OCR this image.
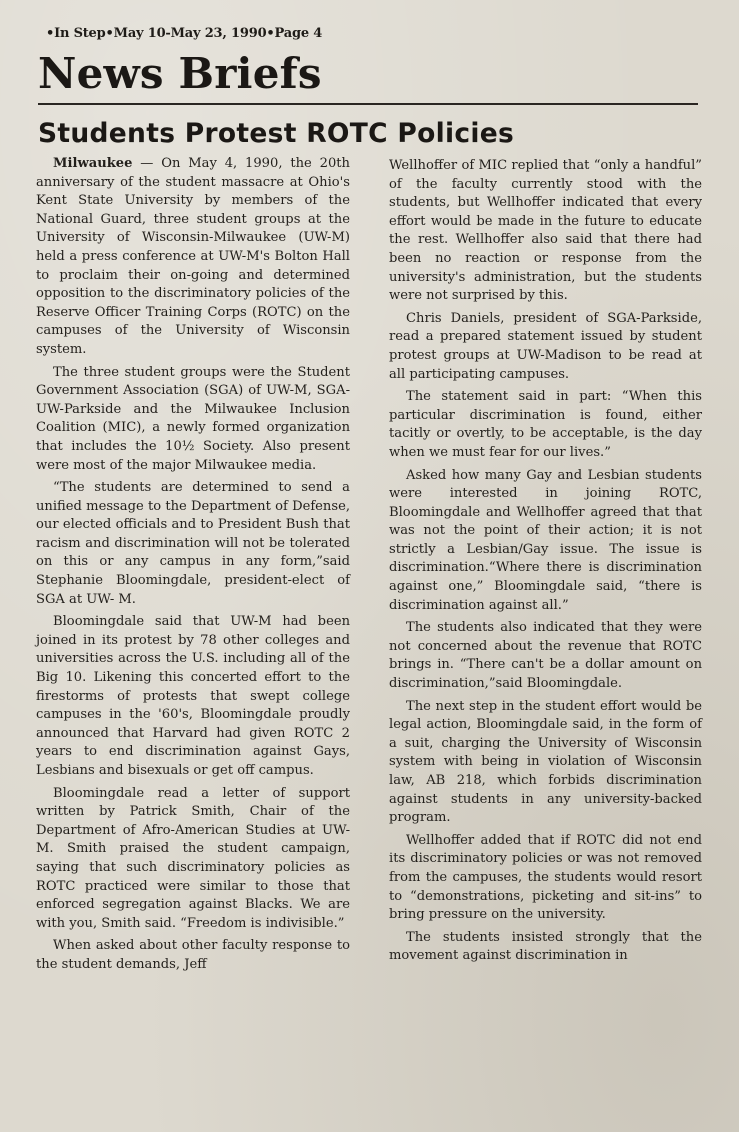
•In Step•May 10-May 23, 1990•Page 4
News Briefs
Students Protest ROTC Policies

Milwaukee — On May 4, 1990, the 20th anniversary of the student massacre at Ohio's Kent State University by members of the National Guard, three student groups at the University of Wisconsin-Milwaukee (UW-M) held a press conference at UW-M's Bolton Hall to proclaim their on-going and determined opposition to the discriminatory policies of the Reserve Officer Training Corps (ROTC) on the campuses of the University of Wisconsin system.

The three student groups were the Student Government Association (SGA) of UW-M, SGA-UW-Parkside and the Milwaukee Inclusion Coalition (MIC), a newly formed organization that includes the 10½ Society. Also present were most of the major Milwaukee media.

“The students are determined to send a unified message to the Department of Defense, our elected officials and to President Bush that racism and discrimination will not be tolerated on this or any campus in any form,”said Stephanie Bloomingdale, president-elect of SGA at UW- M.

Bloomingdale said that UW-M had been joined in its protest by 78 other colleges and universities across the U.S. including all of the Big 10. Likening this concerted effort to the firestorms of protests that swept college campuses in the '60's, Bloomingdale proudly announced that Harvard had given ROTC 2 years to end discrimination against Gays, Lesbians and bisexuals or get off campus.

Bloomingdale read a letter of support written by Patrick Smith, Chair of the Department of Afro-American Studies at UW-M. Smith praised the student campaign, saying that such discriminatory policies as ROTC practiced were similar to those that enforced segregation against Blacks. We are with you, Smith said. “Freedom is indivisible.”

When asked about other faculty response to the student demands, Jeff

Wellhoffer of MIC replied that “only a handful” of the faculty currently stood with the students, but Wellhoffer indicated that every effort would be made in the future to educate the rest. Wellhoffer also said that there had been no reaction or response from the university's administration, but the students were not surprised by this.

Chris Daniels, president of SGA-Parkside, read a prepared statement issued by student protest groups at UW-Madison to be read at all participating campuses.

The statement said in part: “When this particular discrimination is found, either tacitly or overtly, to be acceptable, is the day when we must fear for our lives.”

Asked how many Gay and Lesbian students were interested in joining ROTC, Bloomingdale and Wellhoffer agreed that that was not the point of their action; it is not strictly a Lesbian/Gay issue. The issue is discrimination.“Where there is discrimination against one,” Bloomingdale said, “there is discrimination against all.”

The students also indicated that they were not concerned about the revenue that ROTC brings in. “There can't be a dollar amount on discrimination,”said Bloomingdale.

The next step in the student effort would be legal action, Bloomingdale said, in the form of a suit, charging the University of Wisconsin system with being in violation of Wisconsin law, AB 218, which forbids discrimination against students in any university-backed program.

Wellhoffer added that if ROTC did not end its discriminatory policies or was not removed from the campuses, the students would resort to “demonstrations, picketing and sit-ins” to bring pressure on the university.

The students insisted strongly that the movement against discrimination in
